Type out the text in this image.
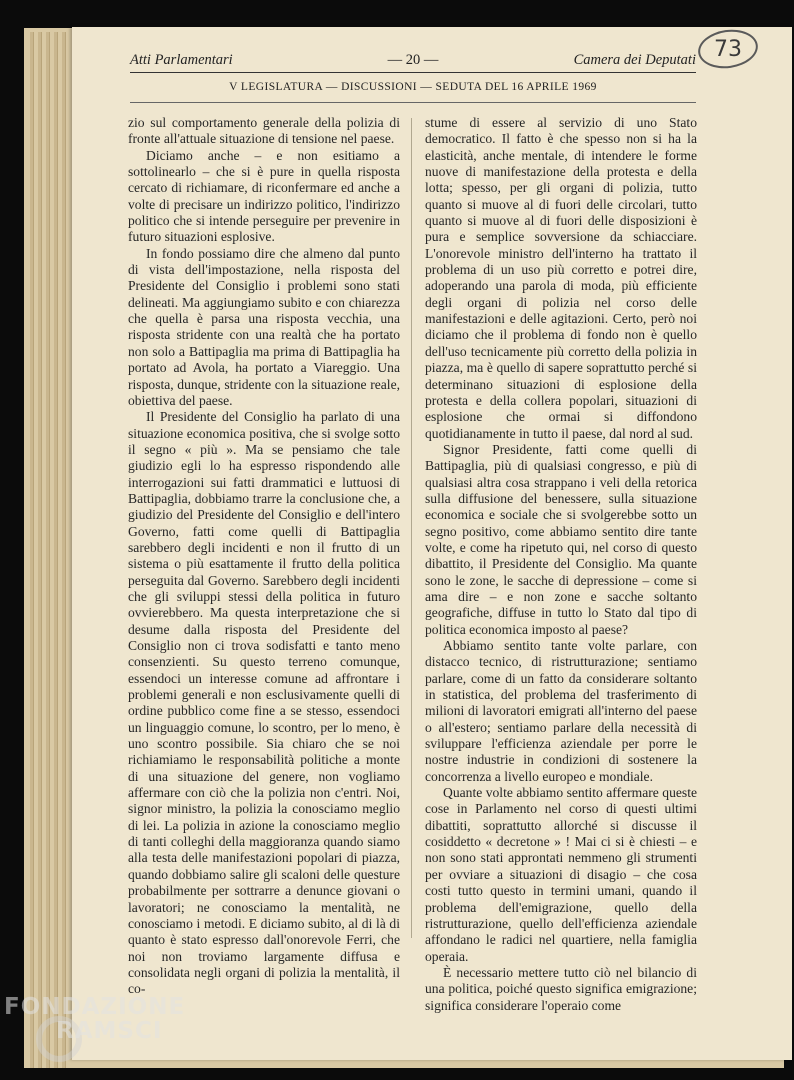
73
Atti Parlamentari	— 20 —	Camera dei Deputati
V LEGISLATURA — DISCUSSIONI — SEDUTA DEL 16 APRILE 1969

zio sul comportamento generale della polizia di fronte all'attuale situazione di tensione nel paese.

Diciamo anche – e non esitiamo a sottolinearlo – che si è pure in quella risposta cercato di richiamare, di riconfermare ed anche a volte di precisare un indirizzo politico, l'indirizzo politico che si intende perseguire per prevenire in futuro situazioni esplosive.

In fondo possiamo dire che almeno dal punto di vista dell'impostazione, nella risposta del Presidente del Consiglio i problemi sono stati delineati. Ma aggiungiamo subito e con chiarezza che quella è parsa una risposta vecchia, una risposta stridente con una realtà che ha portato non solo a Battipaglia ma prima di Battipaglia ha portato ad Avola, ha portato a Viareggio. Una risposta, dunque, stridente con la situazione reale, obiettiva del paese.

Il Presidente del Consiglio ha parlato di una situazione economica positiva, che si svolge sotto il segno « più ». Ma se pensiamo che tale giudizio egli lo ha espresso rispondendo alle interrogazioni sui fatti drammatici e luttuosi di Battipaglia, dobbiamo trarre la conclusione che, a giudizio del Presidente del Consiglio e dell'intero Governo, fatti come quelli di Battipaglia sarebbero degli incidenti e non il frutto di un sistema o più esattamente il frutto della politica perseguita dal Governo. Sarebbero degli incidenti che gli sviluppi stessi della politica in futuro ovvierebbero. Ma questa interpretazione che si desume dalla risposta del Presidente del Consiglio non ci trova sodisfatti e tanto meno consenzienti. Su questo terreno comunque, essendoci un interesse comune ad affrontare i problemi generali e non esclusivamente quelli di ordine pubblico come fine a se stesso, essendoci un linguaggio comune, lo scontro, per lo meno, è uno scontro possibile. Sia chiaro che se noi richiamiamo le responsabilità politiche a monte di una situazione del genere, non vogliamo affermare con ciò che la polizia non c'entri. Noi, signor ministro, la polizia la conosciamo meglio di lei. La polizia in azione la conosciamo meglio di tanti colleghi della maggioranza quando siamo alla testa delle manifestazioni popolari di piazza, quando dobbiamo salire gli scaloni delle questure probabilmente per sottrarre a denunce giovani o lavoratori; ne conosciamo la mentalità, ne conosciamo i metodi. E diciamo subito, al di là di quanto è stato espresso dall'onorevole Ferri, che noi non troviamo largamente diffusa e consolidata negli organi di polizia la mentalità, il co-

stume di essere al servizio di uno Stato democratico. Il fatto è che spesso non si ha la elasticità, anche mentale, di intendere le forme nuove di manifestazione della protesta e della lotta; spesso, per gli organi di polizia, tutto quanto si muove al di fuori delle circolari, tutto quanto si muove al di fuori delle disposizioni è pura e semplice sovversione da schiacciare. L'onorevole ministro dell'interno ha trattato il problema di un uso più corretto e potrei dire, adoperando una parola di moda, più efficiente degli organi di polizia nel corso delle manifestazioni e delle agitazioni. Certo, però noi diciamo che il problema di fondo non è quello dell'uso tecnicamente più corretto della polizia in piazza, ma è quello di sapere soprattutto perché si determinano situazioni di esplosione della protesta e della collera popolari, situazioni di esplosione che ormai si diffondono quotidianamente in tutto il paese, dal nord al sud.

Signor Presidente, fatti come quelli di Battipaglia, più di qualsiasi congresso, e più di qualsiasi altra cosa strappano i veli della retorica sulla diffusione del benessere, sulla situazione economica e sociale che si svolgerebbe sotto un segno positivo, come abbiamo sentito dire tante volte, e come ha ripetuto qui, nel corso di questo dibattito, il Presidente del Consiglio. Ma quante sono le zone, le sacche di depressione – come si ama dire – e non zone e sacche soltanto geografiche, diffuse in tutto lo Stato dal tipo di politica economica imposto al paese?

Abbiamo sentito tante volte parlare, con distacco tecnico, di ristrutturazione; sentiamo parlare, come di un fatto da considerare soltanto in statistica, del problema del trasferimento di milioni di lavoratori emigrati all'interno del paese o all'estero; sentiamo parlare della necessità di sviluppare l'efficienza aziendale per porre le nostre industrie in condizioni di sostenere la concorrenza a livello europeo e mondiale.

Quante volte abbiamo sentito affermare queste cose in Parlamento nel corso di questi ultimi dibattiti, soprattutto allorché si discusse il cosiddetto « decretone » ! Mai ci si è chiesti – e non sono stati approntati nemmeno gli strumenti per ovviare a situazioni di disagio – che cosa costi tutto questo in termini umani, quando il problema dell'emigrazione, quello della ristrutturazione, quello dell'efficienza aziendale affondano le radici nel quartiere, nella famiglia operaia.

È necessario mettere tutto ciò nel bilancio di una politica, poiché questo significa emigrazione; significa considerare l'operaio come

FONDAZIONE
RAMSCI
